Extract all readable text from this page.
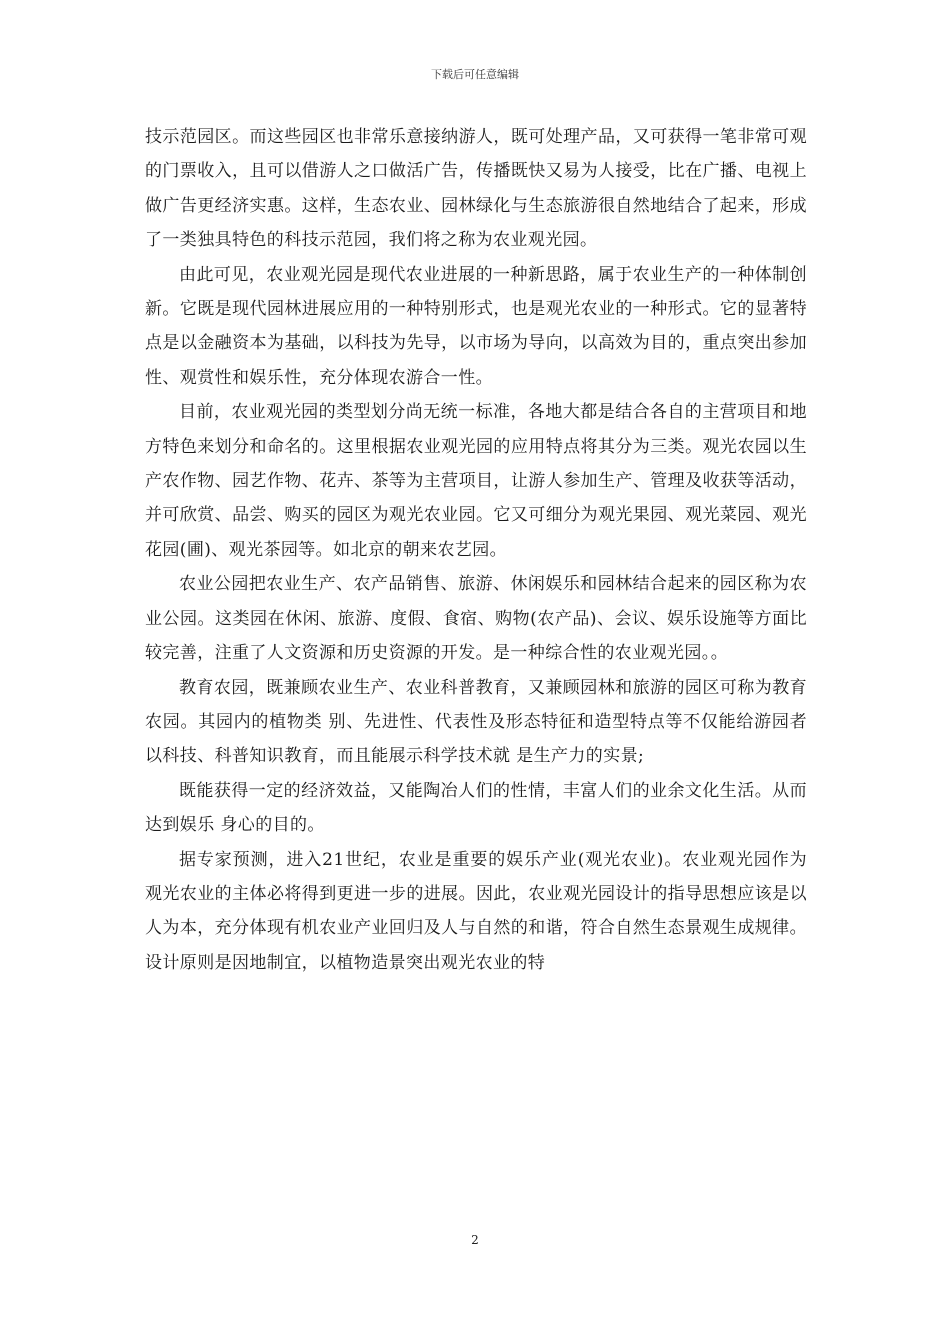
下载后可任意编辑

技示范园区。而这些园区也非常乐意接纳游人，既可处理产品，又可获得一笔非常可观的门票收入，且可以借游人之口做活广告，传播既快又易为人接受，比在广播、电视上做广告更经济实惠。这样，生态农业、园林绿化与生态旅游很自然地结合了起来，形成了一类独具特色的科技示范园，我们将之称为农业观光园。

由此可见，农业观光园是现代农业进展的一种新思路，属于农业生产的一种体制创新。它既是现代园林进展应用的一种特别形式，也是观光农业的一种形式。它的显著特点是以金融资本为基础，以科技为先导，以市场为导向，以高效为目的，重点突出参加性、观赏性和娱乐性，充分体现农游合一性。

目前，农业观光园的类型划分尚无统一标准，各地大都是结合各自的主营项目和地方特色来划分和命名的。这里根据农业观光园的应用特点将其分为三类。观光农园以生产农作物、园艺作物、花卉、茶等为主营项目，让游人参加生产、管理及收获等活动，并可欣赏、品尝、购买的园区为观光农业园。它又可细分为观光果园、观光菜园、观光花园(圃)、观光茶园等。如北京的朝来农艺园。

农业公园把农业生产、农产品销售、旅游、休闲娱乐和园林结合起来的园区称为农业公园。这类园在休闲、旅游、度假、食宿、购物(农产品)、会议、娱乐设施等方面比较完善，注重了人文资源和历史资源的开发。是一种综合性的农业观光园。。

教育农园，既兼顾农业生产、农业科普教育，又兼顾园林和旅游的园区可称为教育农园。其园内的植物类 别、先进性、代表性及形态特征和造型特点等不仅能给游园者以科技、科普知识教育，而且能展示科学技术就 是生产力的实景;

既能获得一定的经济效益，又能陶冶人们的性情，丰富人们的业余文化生活。从而达到娱乐 身心的目的。

据专家预测，进入21世纪，农业是重要的娱乐产业(观光农业)。农业观光园作为观光农业的主体必将得到更进一步的进展。因此，农业观光园设计的指导思想应该是以人为本，充分体现有机农业产业回归及人与自然的和谐，符合自然生态景观生成规律。设计原则是因地制宜，以植物造景突出观光农业的特

2
